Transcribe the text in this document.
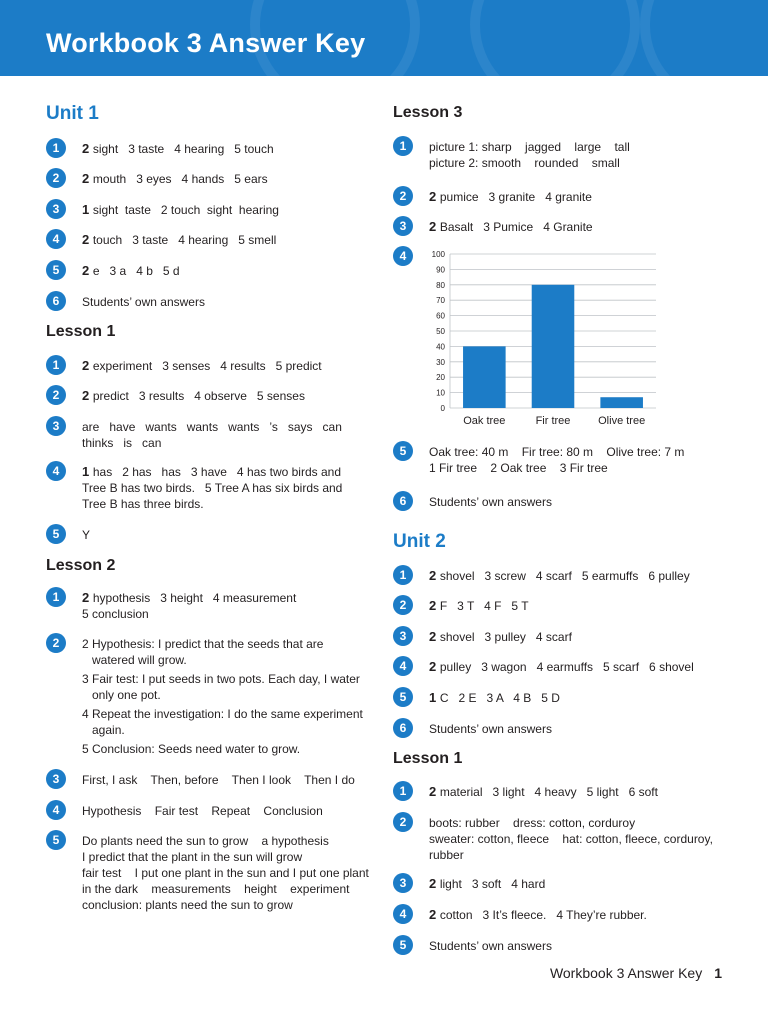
Workbook 3 Answer Key
Unit 1
1	2 sight   3 taste   4 hearing   5 touch
2	2 mouth   3 eyes   4 hands   5 ears
3	1 sight  taste   2 touch  sight  hearing
4	2 touch   3 taste   4 hearing   5 smell
5	2 e   3 a   4 b   5 d
6	Students’ own answers
Lesson 1
1	2 experiment   3 senses   4 results   5 predict
2	2 predict   3 results   4 observe   5 senses
3	are   have   wants   wants   wants   ’s   says   can
thinks   is   can
4	1 has   2 has   has   3 have   4 has two birds and
Tree B has two birds.   5 Tree A has six birds and
Tree B has three birds.
5	Y
Lesson 2
1	2 hypothesis   3 height   4 measurement
5 conclusion
2	2 Hypothesis: I predict that the seeds that are
watered will grow.
3 Fair test: I put seeds in two pots. Each day, I water
only one pot.
4 Repeat the investigation: I do the same experiment
again.
5 Conclusion: Seeds need water to grow.
3	First, I ask    Then, before    Then I look    Then I do
4	Hypothesis    Fair test    Repeat    Conclusion
5	Do plants need the sun to grow    a hypothesis
I predict that the plant in the sun will grow
fair test    I put one plant in the sun and I put one plant
in the dark    measurements    height    experiment
conclusion: plants need the sun to grow
Lesson 3
1	picture 1: sharp    jagged    large    tall
picture 2: smooth    rounded    small
2	2 pumice   3 granite   4 granite
3	2 Basalt   3 Pumice   4 Granite
4
0
10
20
30
40
50
60
70
80
90
100
Oak tree	Fir tree	Olive tree
5	Oak tree: 40 m    Fir tree: 80 m    Olive tree: 7 m
1 Fir tree    2 Oak tree    3 Fir tree
6	Students’ own answers
Unit 2
1	2 shovel   3 screw   4 scarf   5 earmuffs   6 pulley
2	2 F   3 T   4 F   5 T
3	2 shovel   3 pulley   4 scarf
4	2 pulley   3 wagon   4 earmuffs   5 scarf   6 shovel
5	1 C   2 E   3 A   4 B   5 D
6	Students’ own answers
Lesson 1
1	2 material   3 light   4 heavy   5 light   6 soft
2	boots: rubber    dress: cotton, corduroy
sweater: cotton, fleece    hat: cotton, fleece, corduroy,
rubber
3	2 light   3 soft   4 hard
4	2 cotton   3 It’s fleece.   4 They’re rubber.
5	Students’ own answers
Workbook 3 Answer Key 1
